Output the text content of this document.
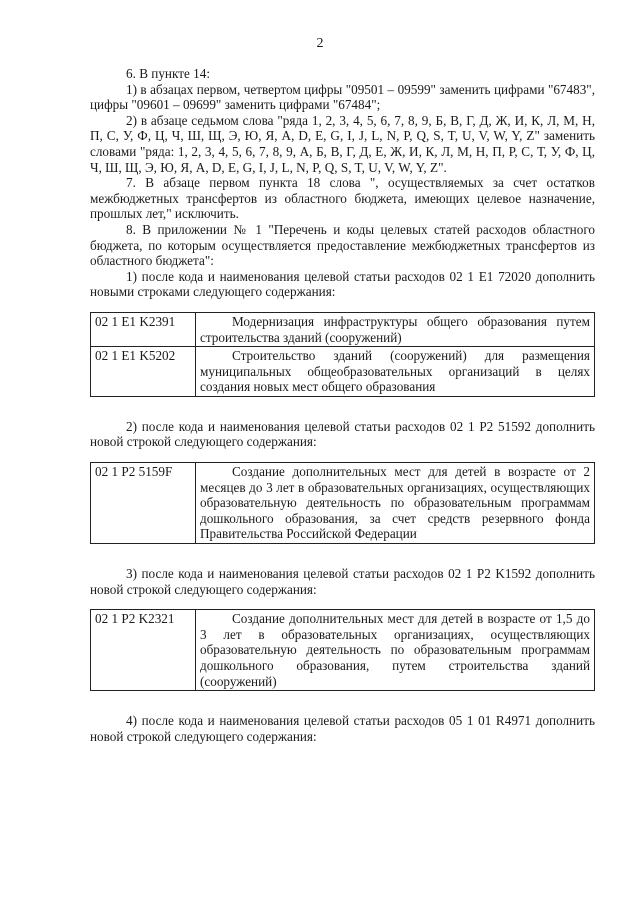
2

6. В пункте 14:

1) в абзацах первом, четвертом цифры "09501 – 09599" заменить цифрами "67483", цифры "09601 – 09699" заменить цифрами "67484";

2) в абзаце седьмом слова "ряда 1, 2, 3, 4, 5, 6, 7, 8, 9, Б, В, Г, Д, Ж, И, К, Л, М, Н, П, С, У, Ф, Ц, Ч, Ш, Щ, Э, Ю, Я, А, D, E, G, I, J, L, N, P, Q, S, T, U, V, W, Y, Z" заменить словами "ряда: 1, 2, 3, 4, 5, 6, 7, 8, 9, А, Б, В, Г, Д, Е, Ж, И, К, Л, М, Н, П, Р, С, Т, У, Ф, Ц, Ч, Ш, Щ, Э, Ю, Я, А, D, E, G, I, J, L, N, P, Q, S, T, U, V, W, Y, Z".

7. В абзаце первом пункта 18 слова ", осуществляемых за счет остатков межбюджетных трансфертов из областного бюджета, имеющих целевое назначение, прошлых лет," исключить.

8. В приложении № 1 "Перечень и коды целевых статей расходов областного бюджета, по которым осуществляется предоставление межбюджетных трансфертов из областного бюджета":

1) после кода и наименования целевой статьи расходов 02 1 E1 72020 дополнить новыми строками следующего содержания:

02 1 E1 K2391	Модернизация инфраструктуры общего образования путем строительства зданий (сооружений)
02 1 E1 K5202	Строительство зданий (сооружений) для размещения муниципальных общеобразовательных организаций в целях создания новых мест общего образования

2) после кода и наименования целевой статьи расходов 02 1 P2 51592 дополнить новой строкой следующего содержания:

02 1 P2 5159F	Создание дополнительных мест для детей в возрасте от 2 месяцев до 3 лет в образовательных организациях, осуществляющих образовательную деятельность по образовательным программам дошкольного образования, за счет средств резервного фонда Правительства Российской Федерации

3) после кода и наименования целевой статьи расходов 02 1 P2 K1592 дополнить новой строкой следующего содержания:

02 1 P2 K2321	Создание дополнительных мест для детей в возрасте от 1,5 до 3 лет в образовательных организациях, осуществляющих образовательную деятельность по образовательным программам дошкольного образования, путем строительства зданий (сооружений)

4) после кода и наименования целевой статьи расходов 05 1 01 R4971 дополнить новой строкой следующего содержания:
